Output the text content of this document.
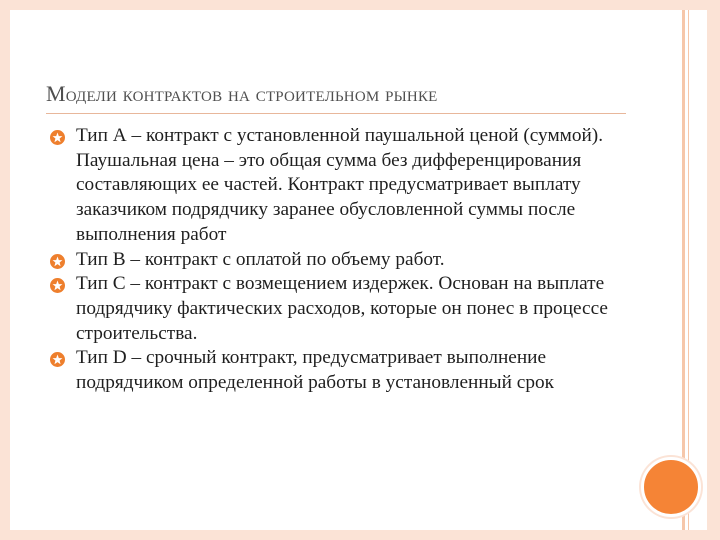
Модели контрактов на строительном рынке
Тип А – контракт с установленной паушальной ценой (суммой). Паушальная цена – это общая сумма без дифференцирования составляющих ее частей. Контракт предусматривает выплату заказчиком подрядчику заранее обусловленной суммы после выполнения работ
Тип В – контракт с оплатой по объему работ.
Тип С – контракт с возмещением издержек. Основан на выплате подрядчику фактических расходов, которые он понес в процессе строительства.
Тип D – срочный контракт, предусматривает выполнение подрядчиком определенной работы в установленный срок
